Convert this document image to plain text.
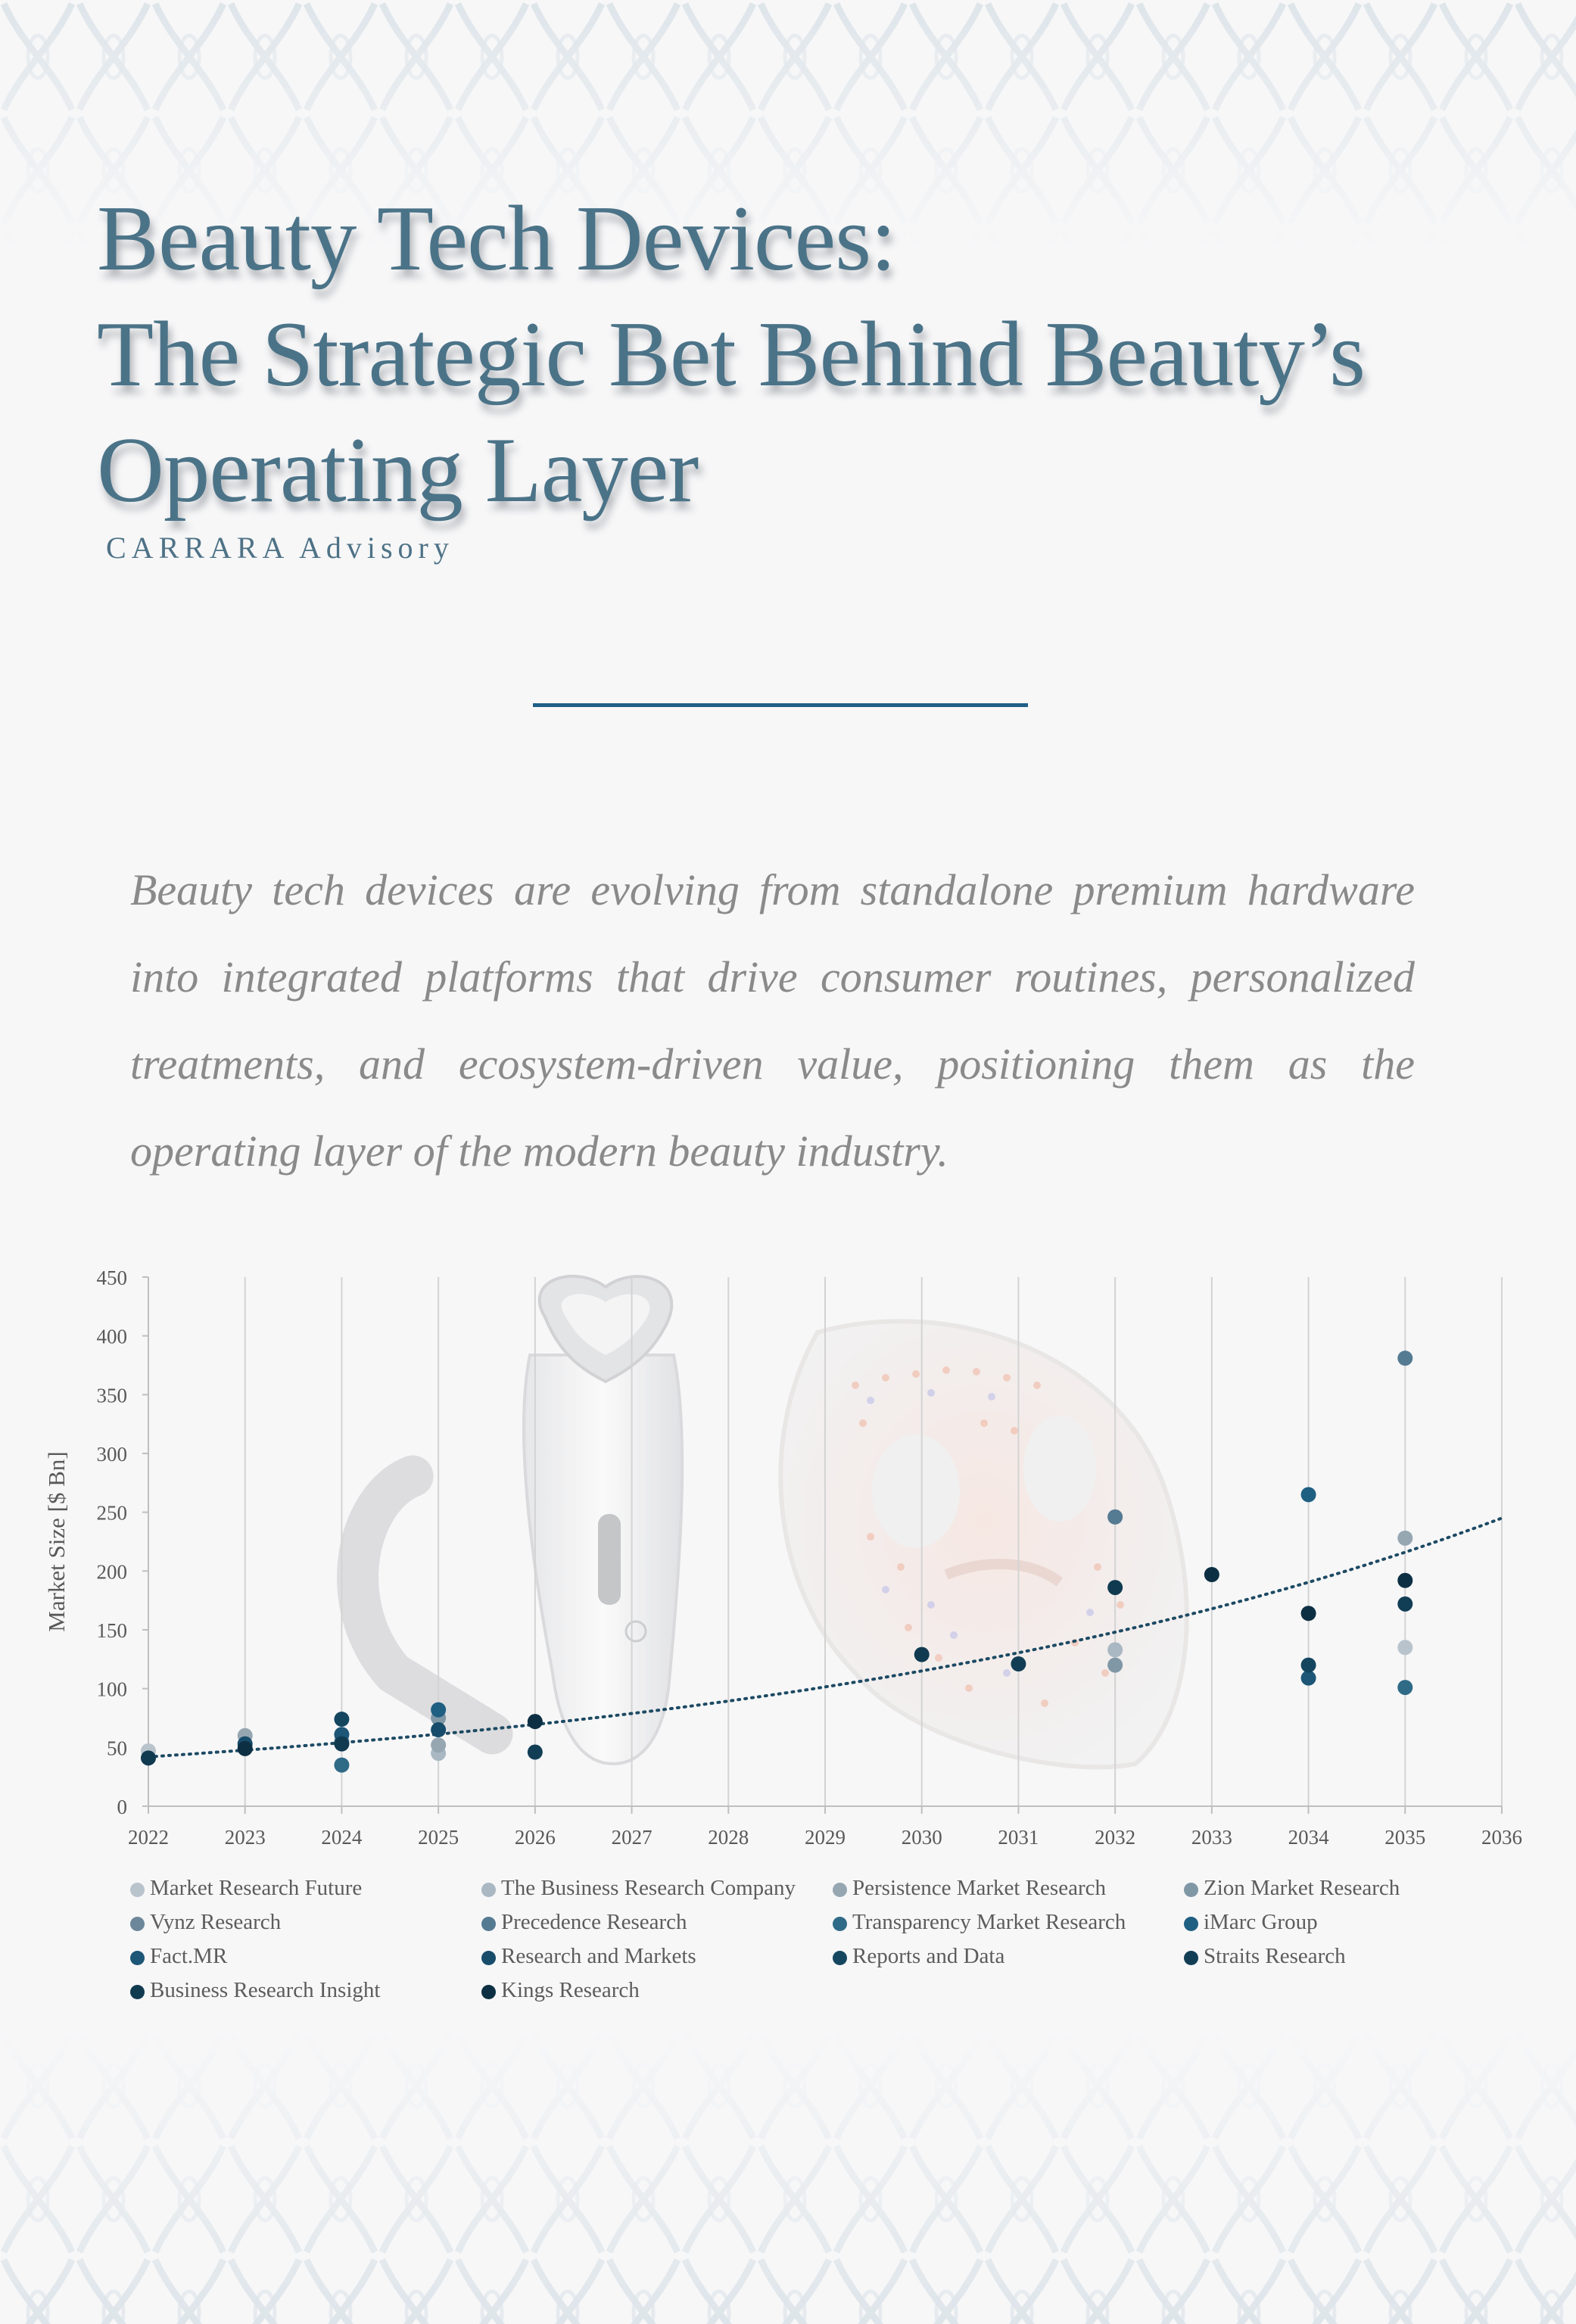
Beauty Tech Devices:
The Strategic Bet Behind Beauty’s
Operating Layer
CARRARA Advisory

Beauty tech devices are evolving from standalone premium hardware into integrated platforms that drive consumer routines, personalized treatments, and ecosystem-driven value, positioning them as the operating layer of the modern beauty industry.

0
50
100
150
200
250
300
350
400
450
2022	2023	2024	2025	2026	2027	2028	2029	2030	2031	2032	2033	2034	2035	2036
Market Size [$ Bn]
Market Research Future	The Business Research Company	Persistence Market Research	Zion Market Research
Vynz Research	Precedence Research	Transparency Market Research	iMarc Group
Fact.MR	Research and Markets	Reports and Data	Straits Research
Business Research Insight	Kings Research
